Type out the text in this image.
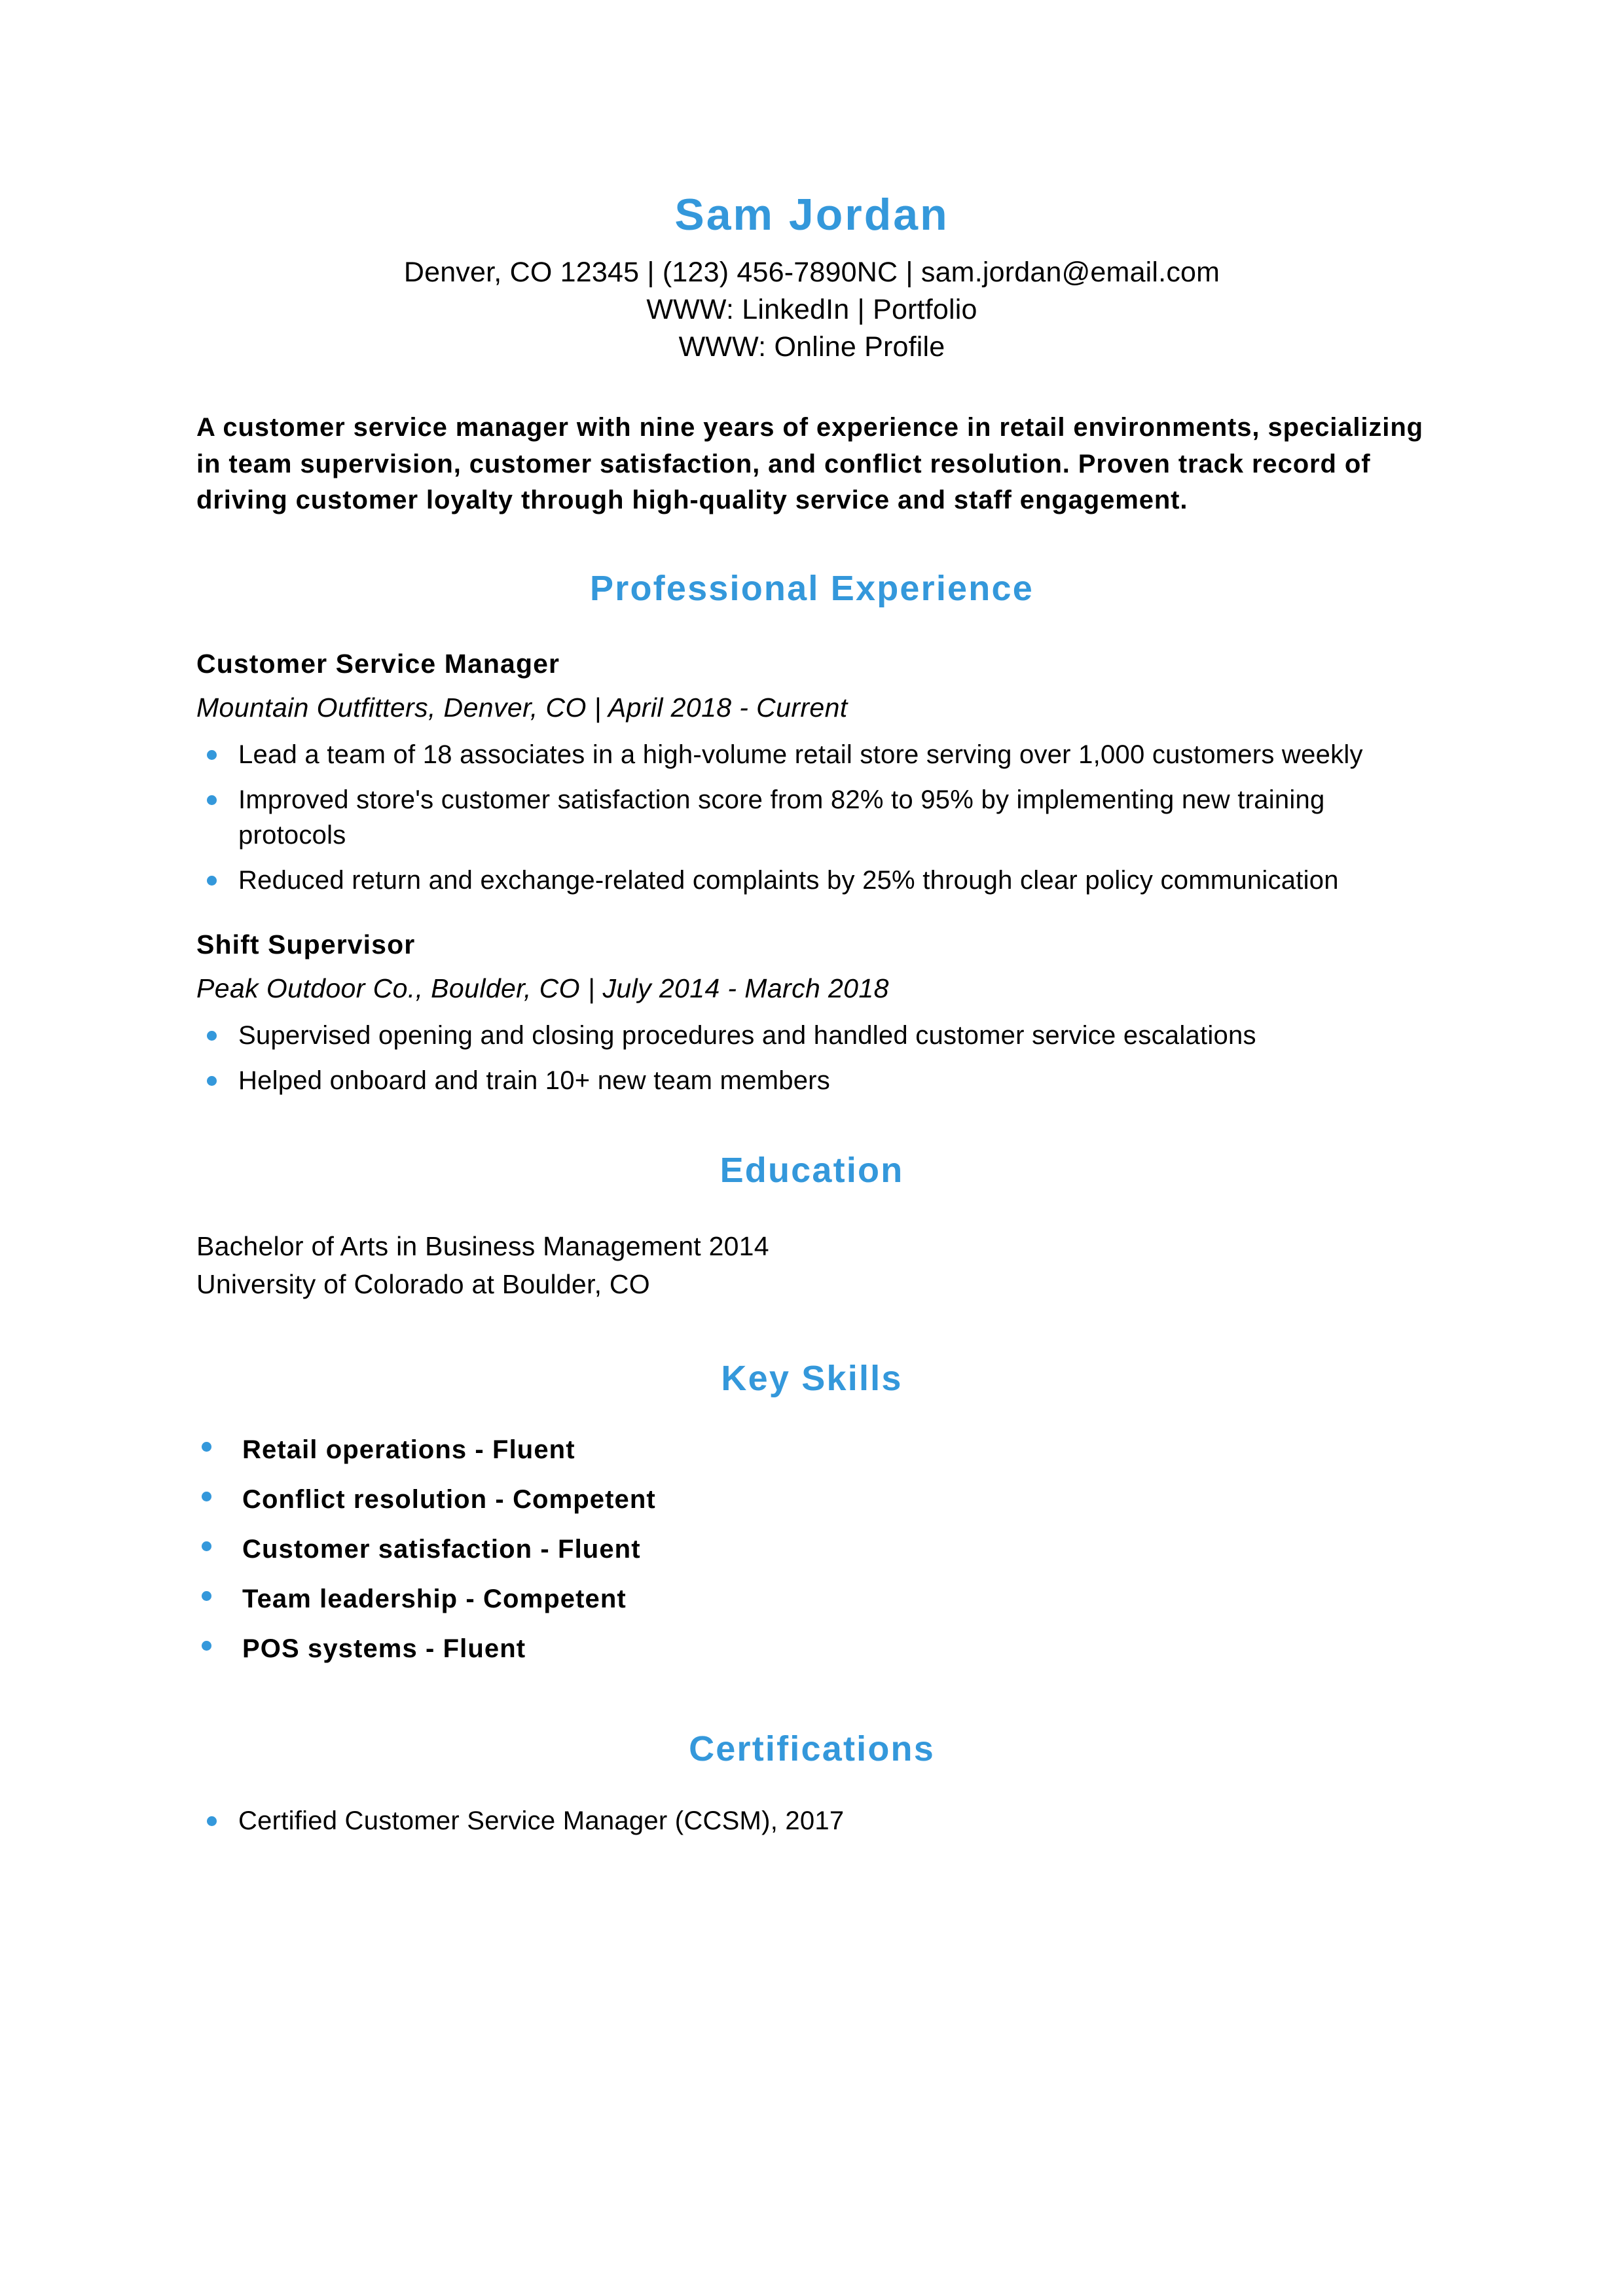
Sam Jordan
Denver, CO 12345 | (123) 456-7890NC | sam.jordan@email.com
WWW: LinkedIn | Portfolio
WWW: Online Profile

A customer service manager with nine years of experience in retail environments, specializing in team supervision, customer satisfaction, and conflict resolution. Proven track record of driving customer loyalty through high-quality service and staff engagement.

Professional Experience
Customer Service Manager
Mountain Outfitters, Denver, CO | April 2018 - Current
Lead a team of 18 associates in a high-volume retail store serving over 1,000 customers weekly
Improved store's customer satisfaction score from 82% to 95% by implementing new training protocols
Reduced return and exchange-related complaints by 25% through clear policy communication
Shift Supervisor
Peak Outdoor Co., Boulder, CO | July 2014 - March 2018
Supervised opening and closing procedures and handled customer service escalations
Helped onboard and train 10+ new team members
Education
Bachelor of Arts in Business Management 2014
University of Colorado at Boulder, CO
Key Skills
Retail operations - Fluent
Conflict resolution - Competent
Customer satisfaction - Fluent
Team leadership - Competent
POS systems - Fluent
Certifications
Certified Customer Service Manager (CCSM), 2017
